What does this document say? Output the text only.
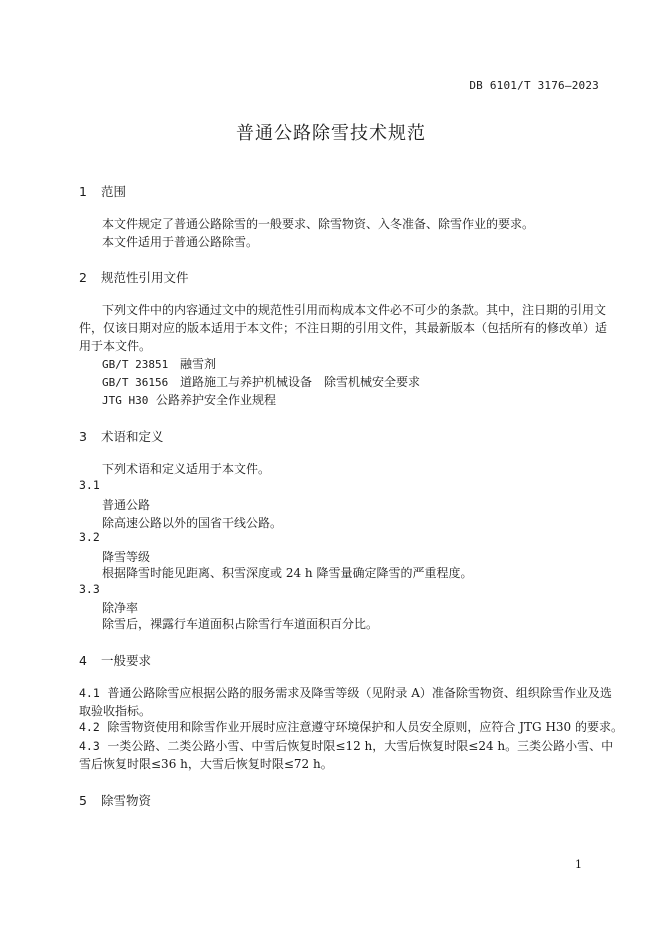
DB 6101/T 3176—2023
普通公路除雪技术规范
1 范围
本文件规定了普通公路除雪的一般要求、除雪物资、入冬准备、除雪作业的要求。
本文件适用于普通公路除雪。
2 规范性引用文件
下列文件中的内容通过文中的规范性引用而构成本文件必不可少的条款。其中，注日期的引用文
件，仅该日期对应的版本适用于本文件；不注日期的引用文件，其最新版本（包括所有的修改单）适
用于本文件。
GB/T 23851 融雪剂
GB/T 36156 道路施工与养护机械设备　除雪机械安全要求
JTG H30 公路养护安全作业规程
3 术语和定义
下列术语和定义适用于本文件。
3.1
普通公路
除高速公路以外的国省干线公路。
3.2
降雪等级
根据降雪时能见距离、积雪深度或 24 h 降雪量确定降雪的严重程度。
3.3
除净率
除雪后，裸露行车道面积占除雪行车道面积百分比。
4 一般要求
4.1 普通公路除雪应根据公路的服务需求及降雪等级（见附录 A）准备除雪物资、组织除雪作业及选
取验收指标。
4.2 除雪物资使用和除雪作业开展时应注意遵守环境保护和人员安全原则，应符合 JTG H30 的要求。
4.3 一类公路、二类公路小雪、中雪后恢复时限≤12 h，大雪后恢复时限≤24 h。三类公路小雪、中
雪后恢复时限≤36 h，大雪后恢复时限≤72 h。
5 除雪物资
1
